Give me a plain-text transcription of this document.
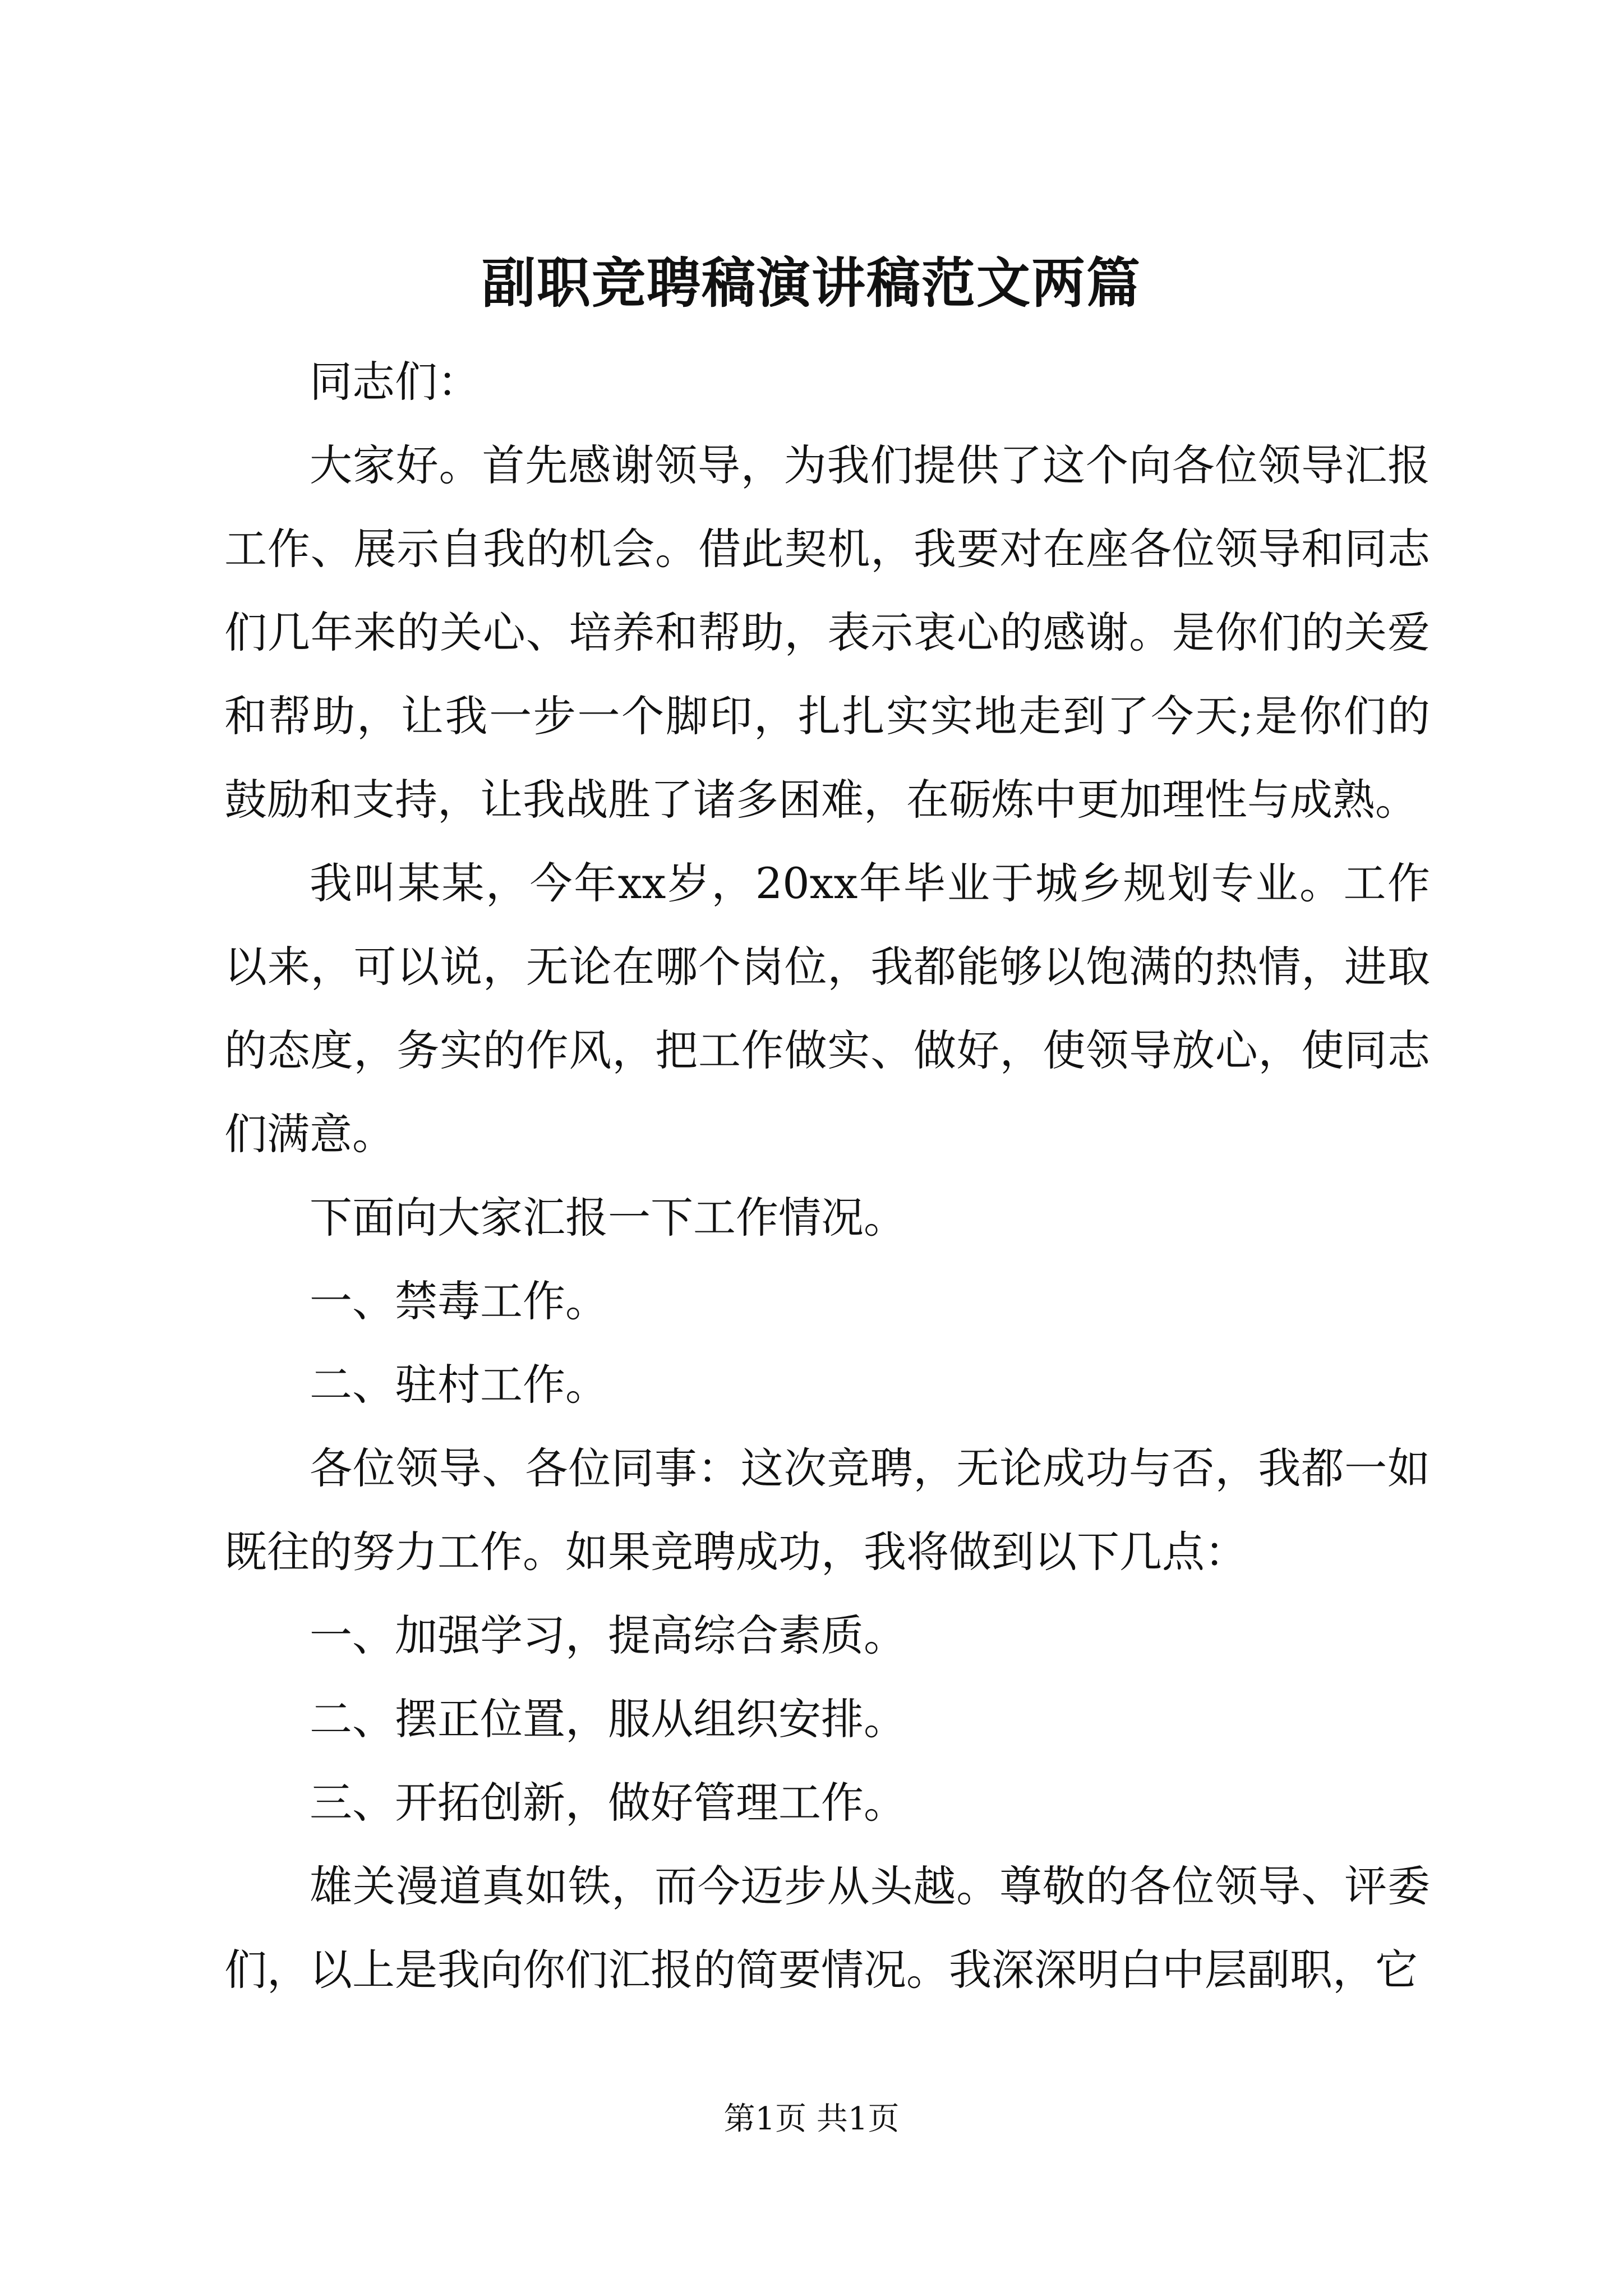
副职竞聘稿演讲稿范文两篇

同志们：

大家好。首先感谢领导，为我们提供了这个向各位领导汇报工作、展示自我的机会。借此契机，我要对在座各位领导和同志们几年来的关心、培养和帮助，表示衷心的感谢。是你们的关爱和帮助，让我一步一个脚印，扎扎实实地走到了今天;是你们的鼓励和支持，让我战胜了诸多困难，在砺炼中更加理性与成熟。

我叫某某，今年xx岁，20xx年毕业于城乡规划专业。工作以来，可以说，无论在哪个岗位，我都能够以饱满的热情，进取的态度，务实的作风，把工作做实、做好，使领导放心，使同志们满意。

下面向大家汇报一下工作情况。

一、禁毒工作。

二、驻村工作。

各位领导、各位同事：这次竞聘，无论成功与否，我都一如既往的努力工作。如果竞聘成功，我将做到以下几点：

一、加强学习，提高综合素质。

二、摆正位置，服从组织安排。

三、开拓创新，做好管理工作。

雄关漫道真如铁，而今迈步从头越。尊敬的各位领导、评委们，以上是我向你们汇报的简要情况。我深深明白中层副职，它

第1页 共1页
